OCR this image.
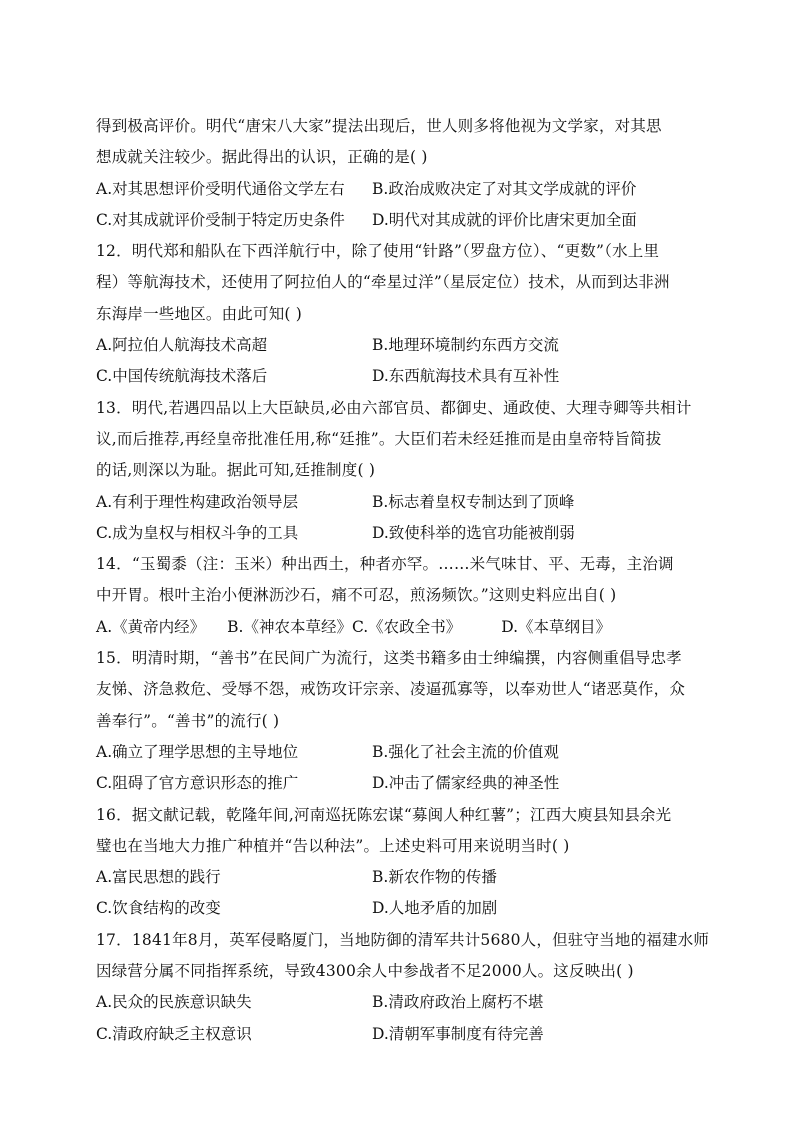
得到极高评价。明代“唐宋八大家”提法出现后，世人则多将他视为文学家，对其思
想成就关注较少。据此得出的认识，正确的是( )
A.对其思想评价受明代通俗文学左右	B.政治成败决定了对其文学成就的评价
C.对其成就评价受制于特定历史条件	D.明代对其成就的评价比唐宋更加全面
12．明代郑和船队在下西洋航行中，除了使用“针路”（罗盘方位）、“更数”（水上里
程）等航海技术，还使用了阿拉伯人的“牵星过洋”（星辰定位）技术，从而到达非洲
东海岸一些地区。由此可知( )
A.阿拉伯人航海技术高超	B.地理环境制约东西方交流
C.中国传统航海技术落后	D.东西航海技术具有互补性
13．明代,若遇四品以上大臣缺员,必由六部官员、都御史、通政使、大理寺卿等共相计
议,而后推荐,再经皇帝批准任用,称“廷推”。大臣们若未经廷推而是由皇帝特旨简拔
的话,则深以为耻。据此可知,廷推制度( )
A.有利于理性构建政治领导层	B.标志着皇权专制达到了顶峰
C.成为皇权与相权斗争的工具	D.致使科举的选官功能被削弱
14．“玉蜀黍（注：玉米）种出西土，种者亦罕。……米气味甘、平、无毒，主治调
中开胃。根叶主治小便淋沥沙石，痛不可忍，煎汤频饮。”这则史料应出自( )
A.《黄帝内经》 B.《神农本草经》 C.《农政全书》	D.《本草纲目》
15．明清时期，“善书”在民间广为流行，这类书籍多由士绅编撰，内容侧重倡导忠孝
友悌、济急救危、受辱不怨，戒饬攻讦宗亲、凌逼孤寡等，以奉劝世人“诸恶莫作，众
善奉行”。“善书”的流行( )
A.确立了理学思想的主导地位	B.强化了社会主流的价值观
C.阻碍了官方意识形态的推广	D.冲击了儒家经典的神圣性
16．据文献记载，乾隆年间,河南巡抚陈宏谋“募闽人种红薯”；江西大庾县知县余光
璧也在当地大力推广种植并“告以种法”。上述史料可用来说明当时( )
A.富民思想的践行	B.新农作物的传播
C.饮食结构的改变	D.人地矛盾的加剧
17．1841年8月，英军侵略厦门，当地防御的清军共计5680人，但驻守当地的福建水师
因绿营分属不同指挥系统，导致4300余人中参战者不足2000人。这反映出( )
A.民众的民族意识缺失	B.清政府政治上腐朽不堪
C.清政府缺乏主权意识	D.清朝军事制度有待完善
